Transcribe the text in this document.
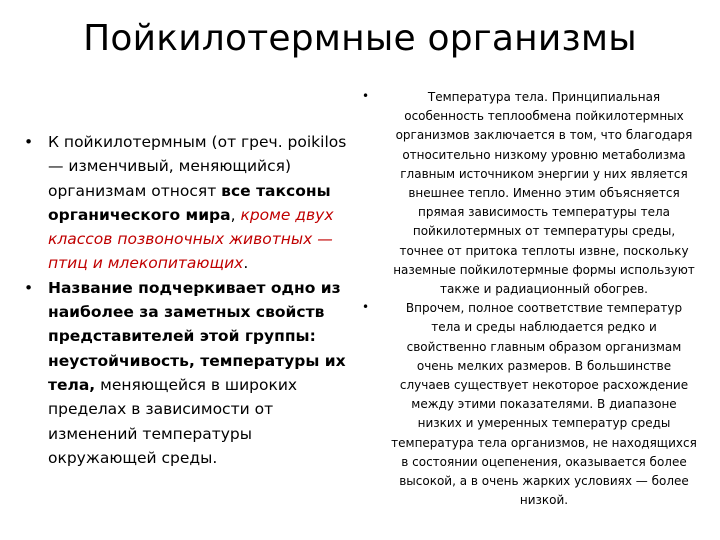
Пойкилотермные организмы
• К пойкилотермным (от греч. poikilos — изменчивый, меняющийся) организмам относят все таксоны органического мира, кроме двух классов позвоночных животных — птиц и млекопитающих.
• Название подчеркивает одно из наиболее за заметных свойств представителей этой группы: неустойчивость, температуры их тела, меняющейся в широких пределах в зависимости от изменений температуры окружающей среды.
•	Температура тела. Принципиальная особенность теплообмена пойкилотермных организмов заключается в том, что благодаря относительно низкому уровню метаболизма главным источником энергии у них является внешнее тепло. Именно этим объясняется прямая зависимость температуры тела пойкилотермных от температуры среды, точнее от притока теплоты извне, поскольку наземные пойкилотермные формы используют также и радиационный обогрев.
•	Впрочем, полное соответствие температур тела и среды наблюдается редко и свойственно главным образом организмам очень мелких размеров. В большинстве случаев существует некоторое расхождение между этими показателями. В диапазоне низких и умеренных температур среды температура тела организмов, не находящихся в состоянии оцепенения, оказывается более высокой, а в очень жарких условиях — более низкой.
